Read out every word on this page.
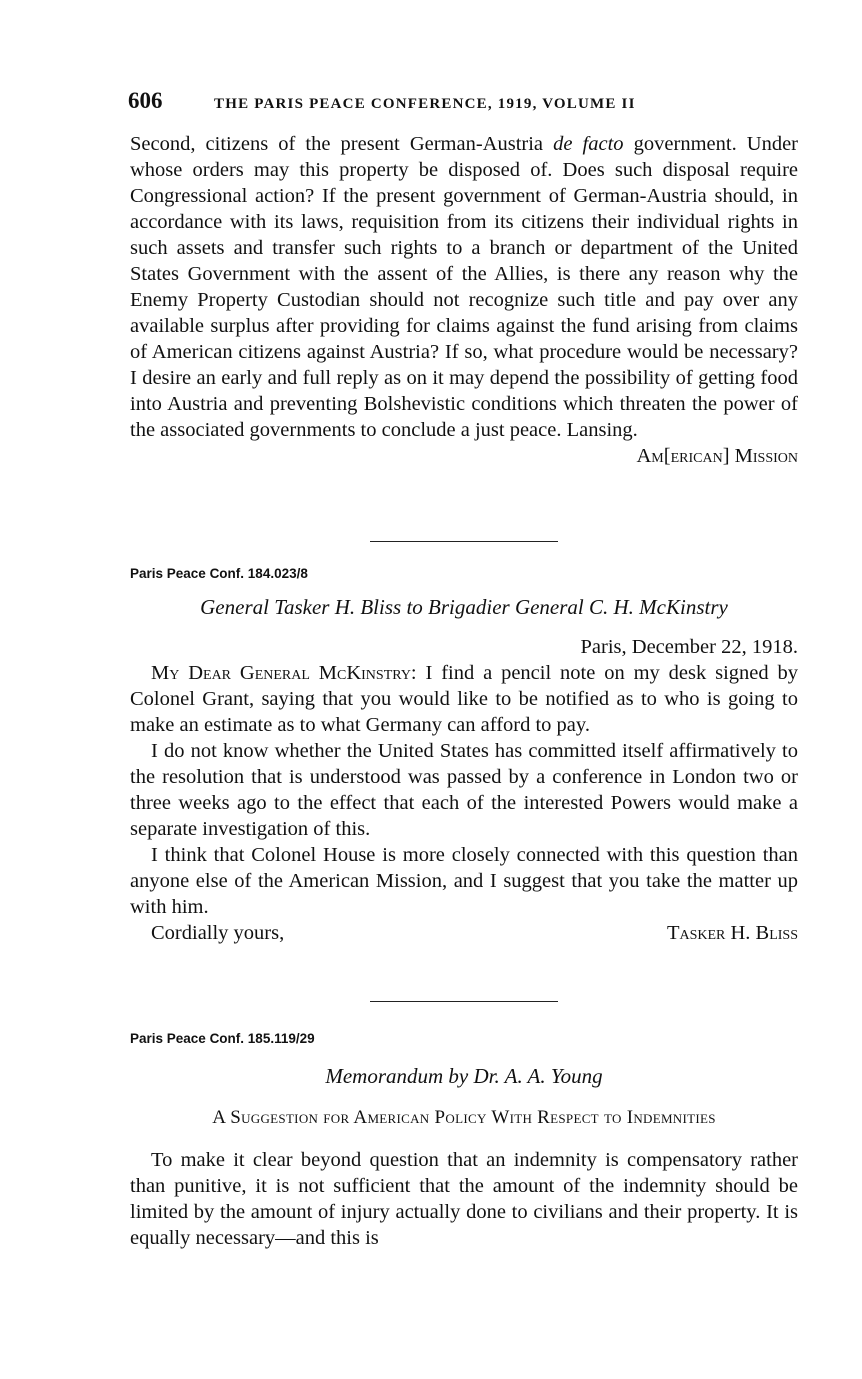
606	THE PARIS PEACE CONFERENCE, 1919, VOLUME II

Second, citizens of the present German-Austria de facto government. Under whose orders may this property be disposed of. Does such disposal require Congressional action? If the present government of German-Austria should, in accordance with its laws, requisition from its citizens their individual rights in such assets and transfer such rights to a branch or department of the United States Government with the assent of the Allies, is there any reason why the Enemy Property Custodian should not recognize such title and pay over any available surplus after providing for claims against the fund arising from claims of American citizens against Austria? If so, what procedure would be necessary? I desire an early and full reply as on it may depend the possibility of getting food into Austria and preventing Bolshevistic conditions which threaten the power of the associated governments to conclude a just peace. Lansing.

Am[erican] Mission
Paris Peace Conf. 184.023/8
General Tasker H. Bliss to Brigadier General C. H. McKinstry
Paris, December 22, 1918.

My Dear General McKinstry: I find a pencil note on my desk signed by Colonel Grant, saying that you would like to be notified as to who is going to make an estimate as to what Germany can afford to pay.

I do not know whether the United States has committed itself affirmatively to the resolution that is understood was passed by a conference in London two or three weeks ago to the effect that each of the interested Powers would make a separate investigation of this.

I think that Colonel House is more closely connected with this question than anyone else of the American Mission, and I suggest that you take the matter up with him.

Cordially yours,	Tasker H. Bliss
Paris Peace Conf. 185.119/29
Memorandum by Dr. A. A. Young
A Suggestion for American Policy With Respect to Indemnities

To make it clear beyond question that an indemnity is compensatory rather than punitive, it is not sufficient that the amount of the indemnity should be limited by the amount of injury actually done to civilians and their property. It is equally necessary—and this is
